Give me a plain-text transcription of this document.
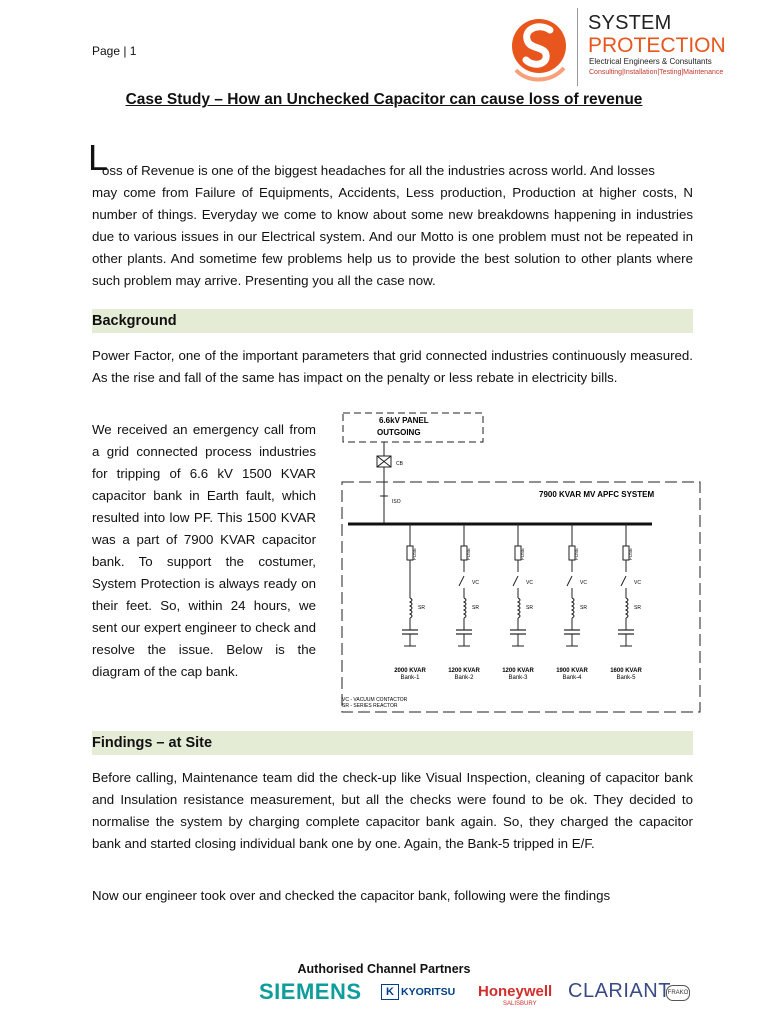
Page | 1
SYSTEM
PROTECTION
Electrical Engineers & Consultants
Consulting|Installation|Testing|Maintenance
Case Study – How an Unchecked Capacitor can cause loss of revenue
L
oss of Revenue is one of the biggest headaches for all the industries across world. And losses
may come from Failure of Equipments, Accidents, Less production, Production at higher costs, N number of things. Everyday we come to know about some new breakdowns happening in industries due to various issues in our Electrical system. And our Motto is one problem must not be repeated in other plants. And sometime few problems help us to provide the best solution to other plants where such problem may arrive. Presenting you all the case now.
Background
Power Factor, one of the important parameters that grid connected industries continuously measured. As the rise and fall of the same has impact on the penalty or less rebate in electricity bills.
We received an emergency call from a grid connected process industries for tripping of 6.6 kV 1500 KVAR capacitor bank in Earth fault, which resulted into low PF. This 1500 KVAR was a part of 7900 KVAR capacitor bank. To support the costumer, System Protection is always ready on their feet. So, within 24 hours, we sent our expert engineer to check and resolve the issue. Below is the diagram of the cap bank.
6.6kV PANEL
OUTGOING
CB
ISO
7900 KVAR MV APFC SYSTEM
FUSE
SR
2000 KVAR
Bank-1
FUSE
VC
SR
1200 KVAR
Bank-2
FUSE
VC
SR
1200 KVAR
Bank-3
FUSE
VC
SR
1900 KVAR
Bank-4
FUSE
VC
SR
1600 KVAR
Bank-5
VC - VACUUM CONTACTOR
SR - SERIES REACTOR
Findings – at Site
Before calling, Maintenance team did the check-up like Visual Inspection, cleaning of capacitor bank and Insulation resistance measurement, but all the checks were found to be ok. They decided to normalise the system by charging complete capacitor bank again. So, they charged the capacitor bank and started closing individual bank one by one. Again, the Bank-5 tripped in E/F.
Now our engineer took over and checked the capacitor bank, following were the findings
Authorised Channel Partners
SIEMENS	K KYORITSU Honeywell
SALISBURY
CLARIANT
FRAKO
